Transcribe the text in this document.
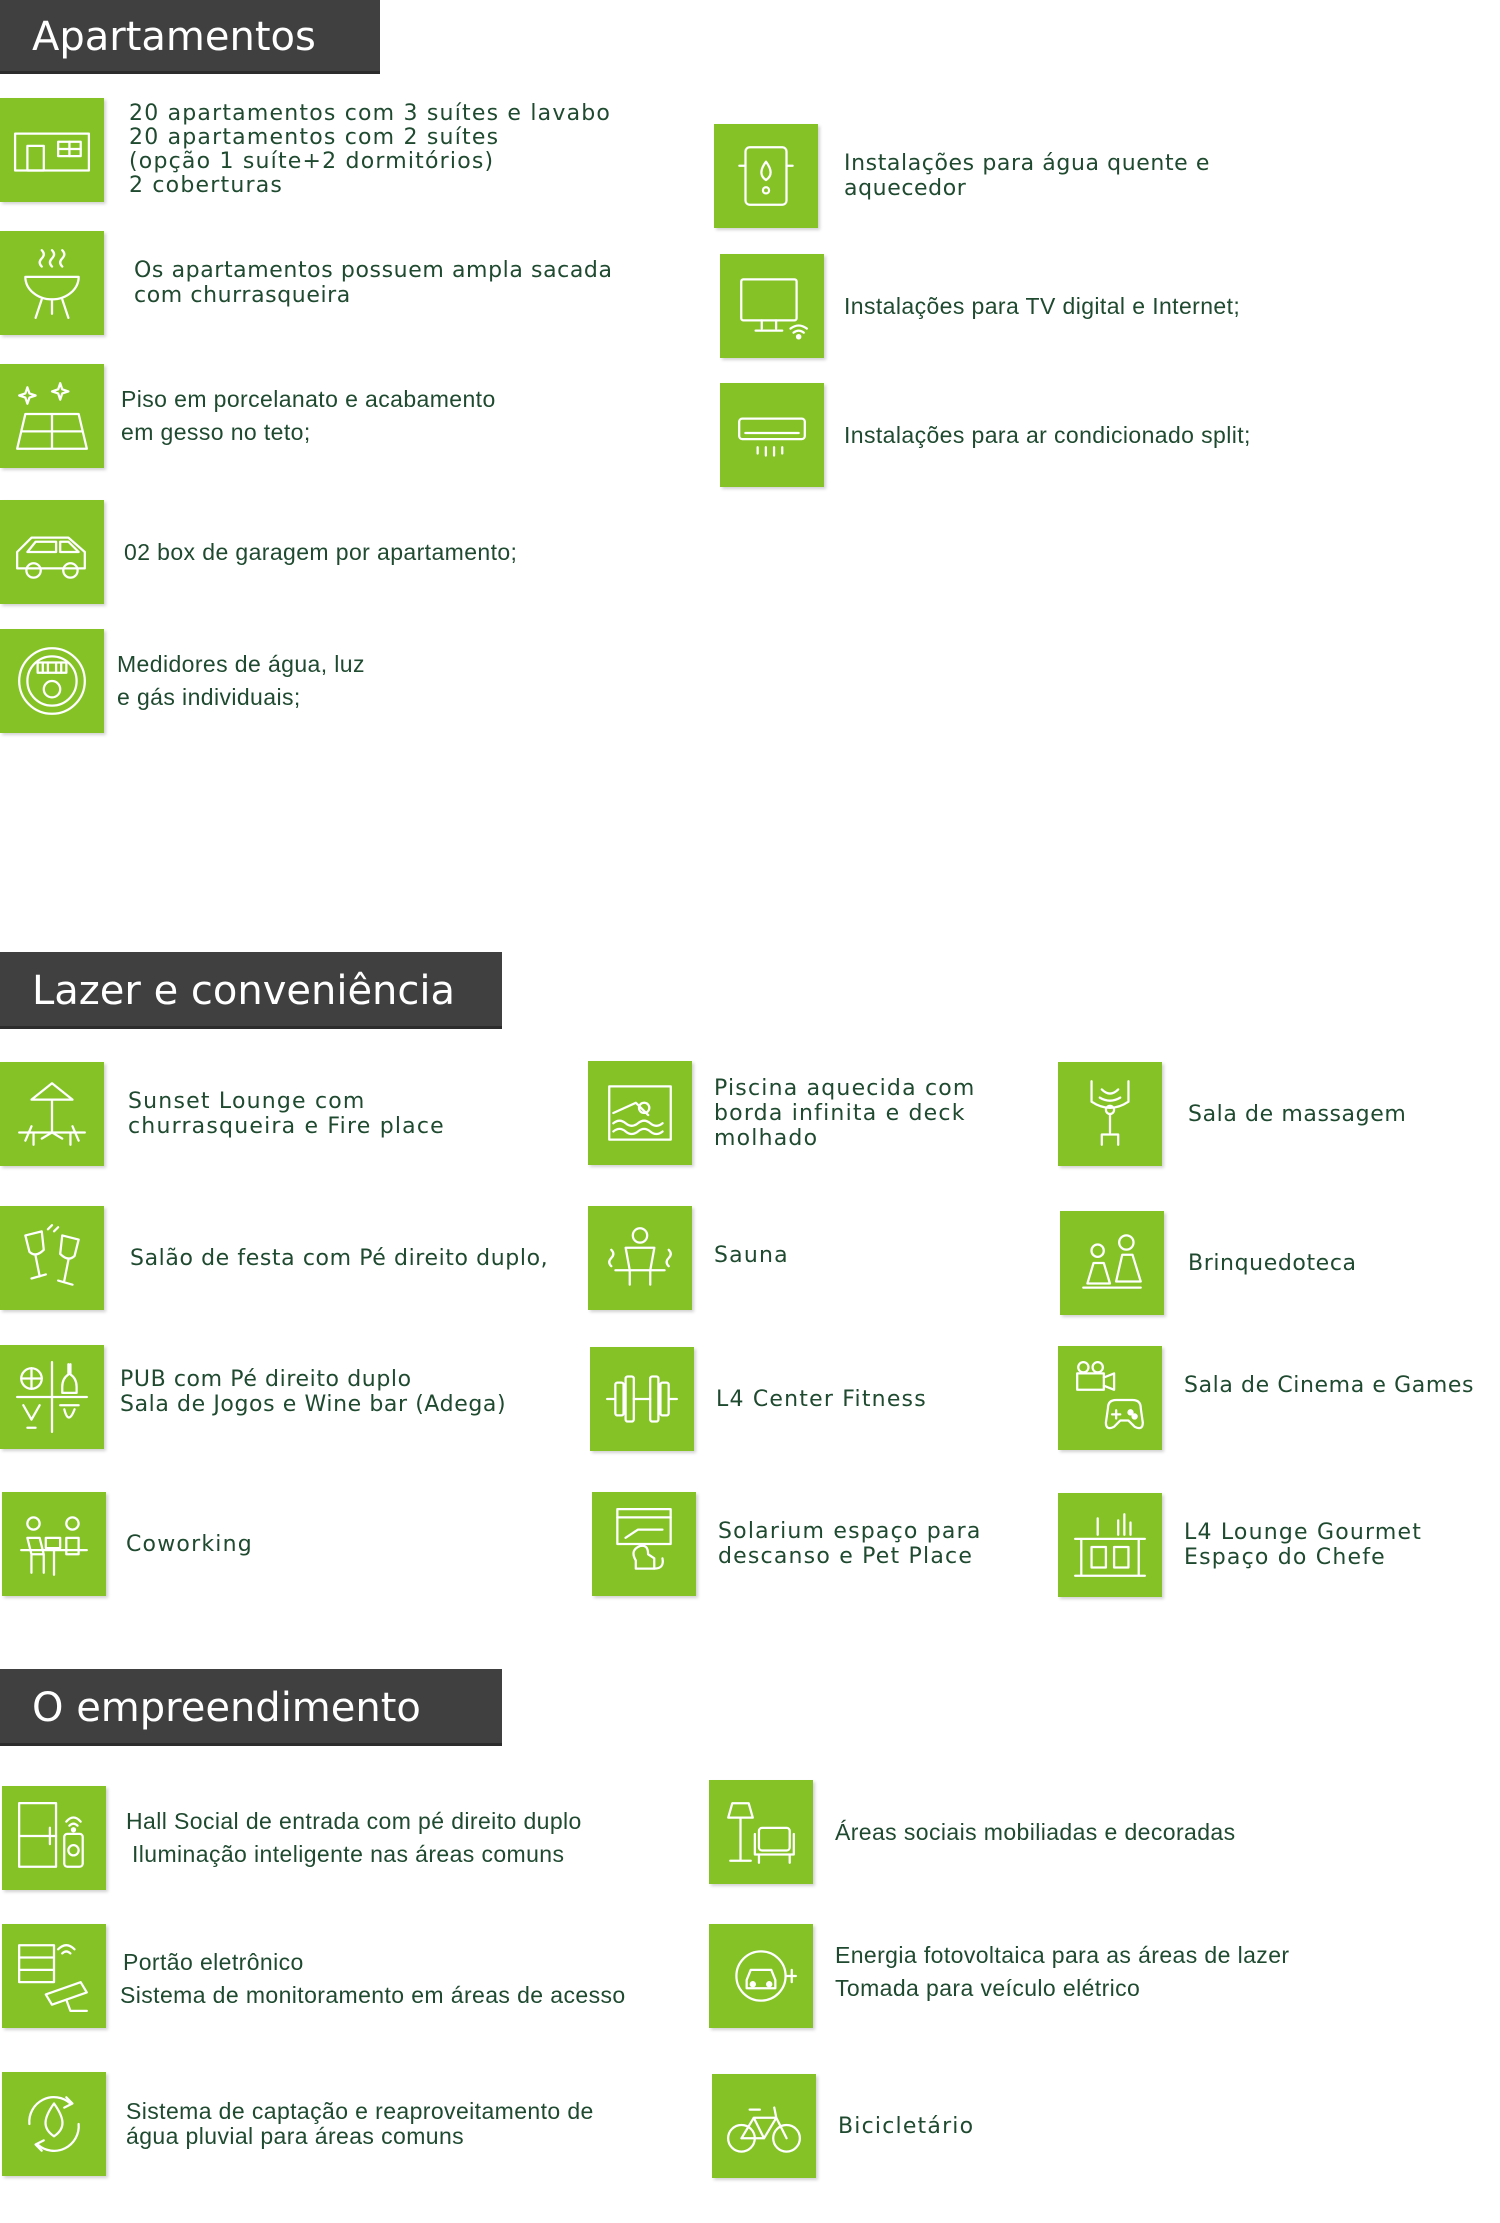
Apartamentos
20 apartamentos com 3 suítes e lavabo
20 apartamentos com 2 suítes
(opção 1 suíte+2 dormitórios)
2 coberturas
Instalações para água quente e
aquecedor
Os apartamentos possuem ampla sacada
com churrasqueira	Instalações para TV digital e Internet;
Piso em porcelanato e acabamento
em gesso no teto;	Instalações para ar condicionado split;
02 box de garagem por apartamento;
Medidores de água, luz
e gás individuais;
Lazer e conveniência
Sunset Lounge com
churrasqueira e Fire place
Piscina aquecida com
borda infinita e deck
molhado
Sala de massagem
Salão de festa com Pé direito duplo,	Sauna	Brinquedoteca
PUB com Pé direito duplo
Sala de Jogos e Wine bar (Adega)	L4 Center Fitness
Sala de Cinema e Games
Coworking	Solarium espaço para
descanso e Pet Place
L4 Lounge Gourmet
Espaço do Chefe
O empreendimento
Hall Social de entrada com pé direito duplo
Iluminação inteligente nas áreas comuns
Áreas sociais mobiliadas e decoradas
Portão eletrônico
Sistema de monitoramento em áreas de acesso
Energia fotovoltaica para as áreas de lazer
Tomada para veículo elétrico
Sistema de captação e reaproveitamento de
água pluvial para áreas comuns	Bicicletário
